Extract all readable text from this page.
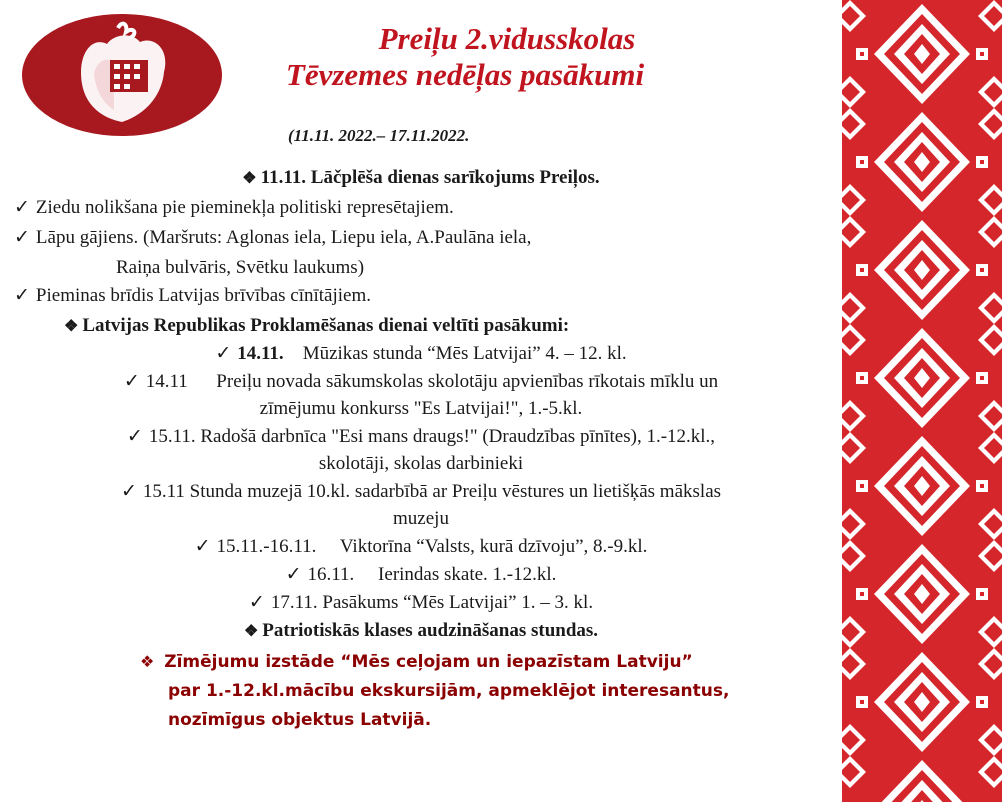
Preiļu 2.vidusskolas
Tēvzemes nedēļas pasākumi
(11.11. 2022.– 17.11.2022.
❖ 11.11. Lāčplēša dienas sarīkojums Preiļos.
✓ Ziedu nolikšana pie pieminekļa politiski represētajiem.
✓ Lāpu gājiens. (Maršruts: Aglonas iela, Liepu iela, A.Paulāna iela,
Raiņa bulvāris, Svētku laukums)
✓ Pieminas brīdis Latvijas brīvības cīnītājiem.
❖ Latvijas Republikas Proklamēšanas dienai veltīti pasākumi:
✓ 14.11. Mūzikas stunda “Mēs Latvijai” 4. – 12. kl.
✓ 14.11      Preiļu novada sākumskolas skolotāju apvienības rīkotais mīklu un
zīmējumu konkurss "Es Latvijai!", 1.-5.kl.
✓ 15.11. Radošā darbnīca "Esi mans draugs!" (Draudzības pīnītes), 1.-12.kl.,
skolotāji, skolas darbinieki
✓ 15.11 Stunda muzejā 10.kl. sadarbībā ar Preiļu vēstures un lietišķās mākslas
muzeju
✓ 15.11.-16.11.     Viktorīna “Valsts, kurā dzīvoju”, 8.-9.kl.
✓ 16.11.     Ierindas skate. 1.-12.kl.
✓ 17.11. Pasākums “Mēs Latvijai” 1. – 3. kl.
❖ Patriotiskās klases audzināšanas stundas.
❖ Zīmējumu izstāde “Mēs ceļojam un iepazīstam Latviju”
par 1.-12.kl.mācību ekskursijām, apmeklējot interesantus,
nozīmīgus objektus Latvijā.
